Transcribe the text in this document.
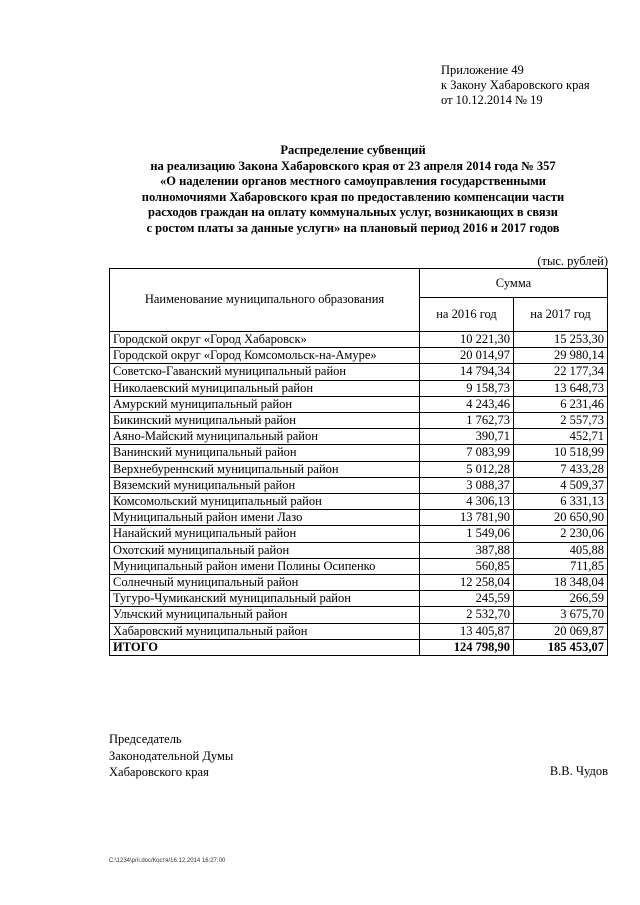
Приложение 49
к Закону Хабаровского края
от 10.12.2014 № 19
Распределение субвенций
на реализацию Закона Хабаровского края от 23 апреля 2014 года № 357
«О наделении органов местного самоуправления государственными
полномочиями Хабаровского края по предоставлению компенсации части
расходов граждан на оплату коммунальных услуг, возникающих в связи
с ростом платы за данные услуги» на плановый период 2016 и 2017 годов
(тыс. рублей)
Наименование муниципального образования	Сумма	
	на 2016 год	на 2017 год
Городской округ «Город Хабаровск»	10 221,30	15 253,30
Городской округ «Город Комсомольск-на-Амуре»	20 014,97	29 980,14
Советско-Гаванский муниципальный район	14 794,34	22 177,34
Николаевский муниципальный район	9 158,73	13 648,73
Амурский муниципальный район	4 243,46	6 231,46
Бикинский муниципальный район	1 762,73	2 557,73
Аяно-Майский муниципальный район	390,71	452,71
Ванинский муниципальный район	7 083,99	10 518,99
Верхнебуреннский муниципальный район	5 012,28	7 433,28
Вяземский муниципальный район	3 088,37	4 509,37
Комсомольский муниципальный район	4 306,13	6 331,13
Муниципальный район имени Лазо	13 781,90	20 650,90
Нанайский муниципальный район	1 549,06	2 230,06
Охотский муниципальный район	387,88	405,88
Муниципальный район имени Полины Осипенко	560,85	711,85
Солнечный муниципальный район	12 258,04	18 348,04
Тугуро-Чумиканский муниципальный район	245,59	266,59
Ульчский муниципальный район	2 532,70	3 675,70
Хабаровский муниципальный район	13 405,87	20 069,87
ИТОГО	124 798,90	185 453,07
Председатель
Законодательной Думы
Хабаровского края	В.В. Чудов
C:\1234\pril.doc/Костя/16.12.2014 16:27:00
